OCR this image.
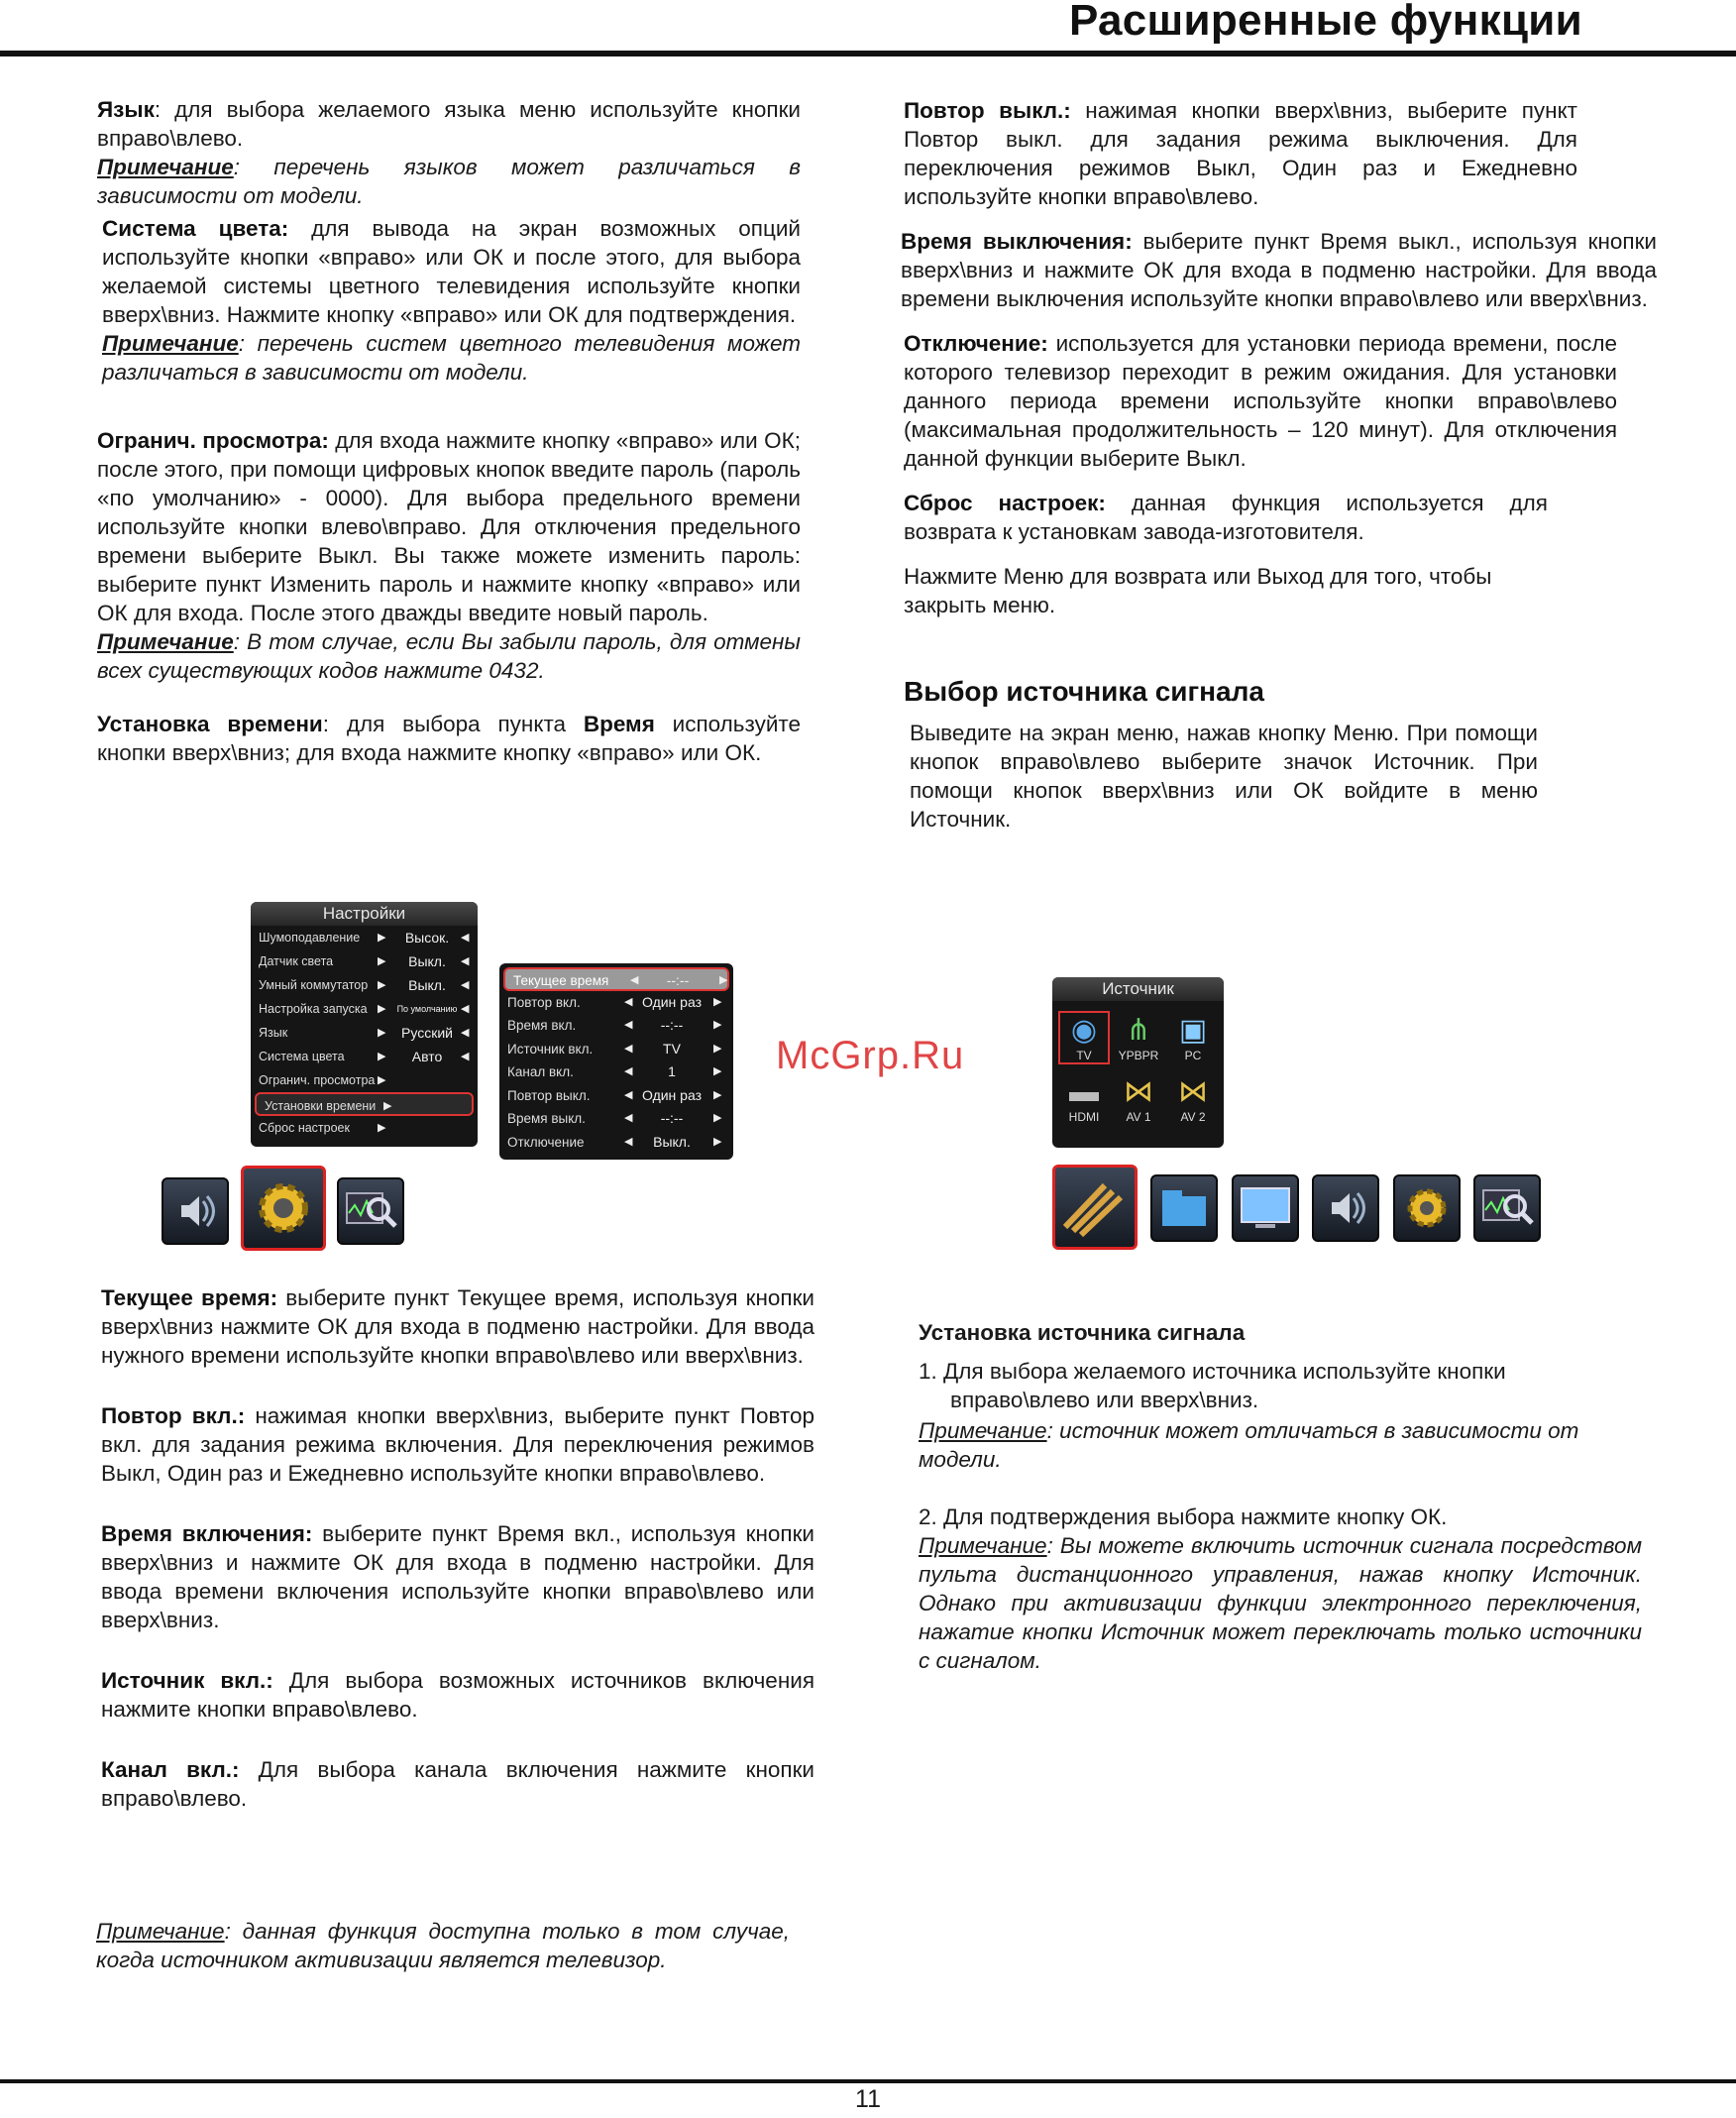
Расширенные функции

Язык: для выбора желаемого языка меню используйте кнопки вправо\влево.
Примечание: перечень языков может различаться в зависимости от модели.

Система цвета: для вывода на экран возможных опций используйте кнопки «вправо» или ОК и после этого, для выбора желаемой системы цветного телевидения используйте кнопки вверх\вниз. Нажмите кнопку «вправо» или ОК для подтверждения.
Примечание: перечень систем цветного телевидения может различаться в зависимости от модели.

Огранич. просмотра: для входа нажмите кнопку «вправо» или ОК; после этого, при помощи цифровых кнопок введите пароль (пароль «по умолчанию» - 0000). Для выбора предельного времени используйте кнопки влево\вправо. Для отключения предельного времени выберите Выкл. Вы также можете изменить пароль: выберите пункт Изменить пароль и нажмите кнопку «вправо» или ОК для входа. После этого дважды введите новый пароль.
Примечание: В том случае, если Вы забыли пароль, для отмены всех существующих кодов нажмите 0432.

Установка времени: для выбора пункта Время используйте кнопки вверх\вниз; для входа нажмите кнопку «вправо» или ОК.

Настройки
Шумоподавление ▶	Высок.	◀
Датчик света	▶	Выкл.	◀
Умный коммутатор ▶	Выкл.	◀
Настройка запуска ▶	По умолчанию ◀
Язык	▶	Русский ◀
Система цвета	▶	Авто	◀
Огранич. просмотра ▶
Установки времени ▶
Сброс настроек	▶
Текущее время ◀	--:--	▶
Повтор вкл.	◀ Один раз	▶
Время вкл.	◀	--:--	▶
Источник вкл.	◀	TV	▶
Канал вкл.	◀	1	▶
Повтор выкл.	◀ Один раз	▶
Время выкл.	◀	--:--	▶
Отключение	◀	Выкл.	▶

Текущее время: выберите пункт Текущее время, используя кнопки вверх\вниз нажмите ОК для входа в подменю настройки. Для ввода нужного времени используйте кнопки вправо\влево или вверх\вниз.

Повтор вкл.: нажимая кнопки вверх\вниз, выберите пункт Повтор вкл. для задания режима включения. Для переключения режимов Выкл, Один раз и Ежедневно используйте кнопки вправо\влево.

Время включения: выберите пункт Время вкл., используя кнопки вверх\вниз и нажмите ОК для входа в подменю настройки. Для ввода времени включения используйте кнопки вправо\влево или вверх\вниз.

Источник вкл.: Для выбора возможных источников включения нажмите кнопки вправо\влево.

Канал вкл.: Для выбора канала включения нажмите кнопки вправо\влево.

Примечание: данная функция доступна только в том случае, когда источником активизации является телевизор.

Повтор выкл.: нажимая кнопки вверх\вниз, выберите пункт Повтор выкл. для задания режима выключения. Для переключения режимов Выкл, Один раз и Ежедневно используйте кнопки вправо\влево.

Время выключения: выберите пункт Время выкл., используя кнопки вверх\вниз и нажмите ОК для входа в подменю настройки. Для ввода времени выключения используйте кнопки вправо\влево или вверх\вниз.

Отключение: используется для установки периода времени, после которого телевизор переходит в режим ожидания. Для установки данного периода времени используйте кнопки вправо\влево (максимальная продолжительность – 120 минут). Для отключения данной функции выберите Выкл.

Сброс настроек: данная функция используется для возврата к установкам завода-изготовителя.

Нажмите Меню для возврата или Выход для того, чтобы закрыть меню.

Выбор источника сигнала

Выведите на экран меню, нажав кнопку Меню. При помощи кнопок вправо\влево выберите значок Источник. При помощи кнопок вверх\вниз или ОК войдите в меню Источник.

Источник
◉
TV
⋔
YPBPR
▣
PC
▬
HDMI
⋈
AV 1
⋈
AV 2
McGrp.Ru

Установка источника сигнала

1. Для выбора желаемого источника используйте кнопки

вправо\влево или вверх\вниз.

Примечание: источник может отличаться в зависимости от модели.

2. Для подтверждения выбора нажмите кнопку ОК.

Примечание: Вы можете включить источник сигнала посредством пульта дистанционного управления, нажав кнопку Источник. Однако при активизации функции электронного переключения, нажатие кнопки Источник может переключать только источники с сигналом.

11
